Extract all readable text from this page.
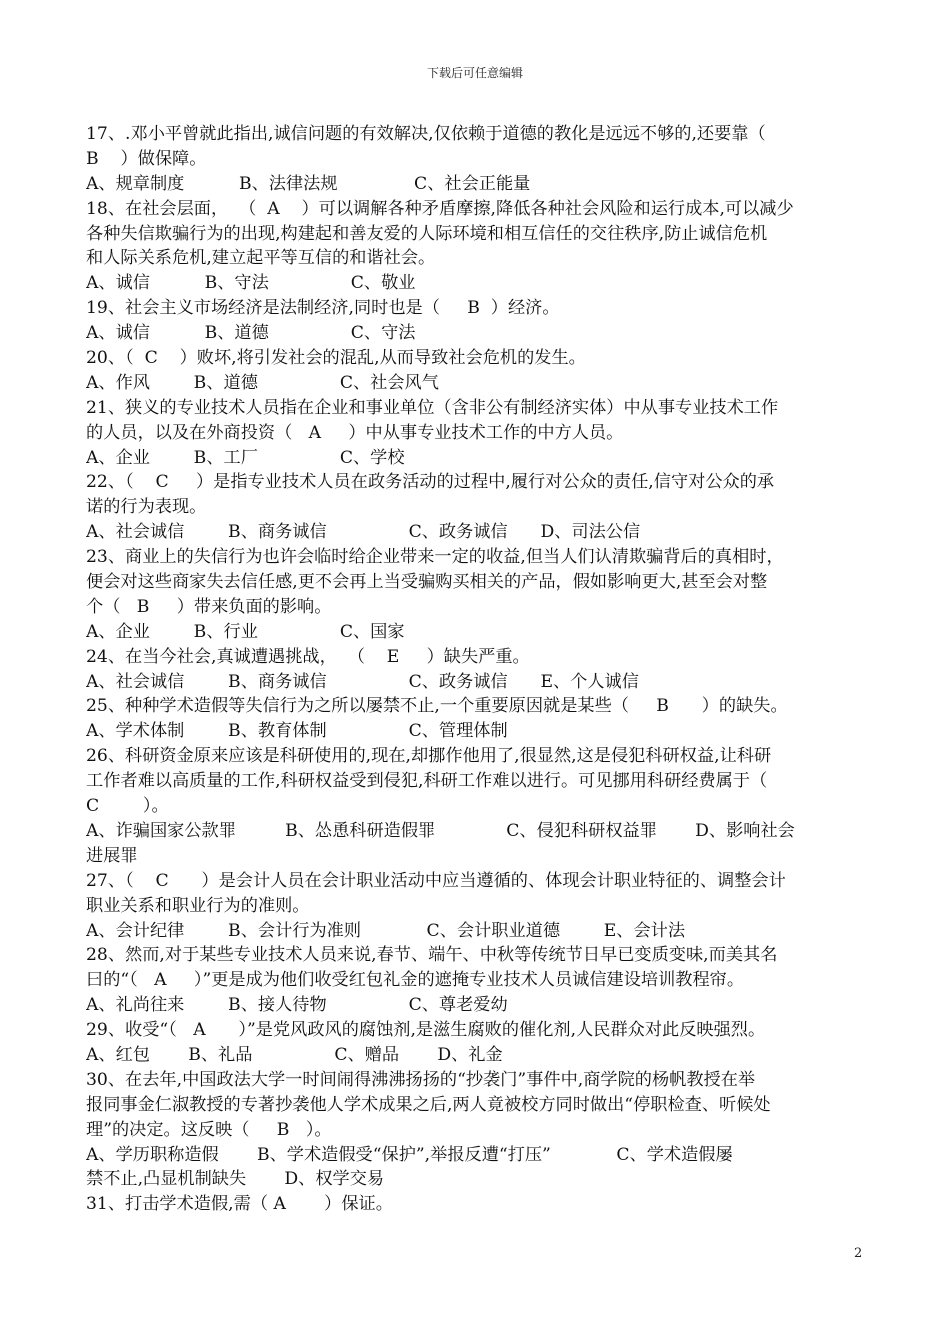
下载后可任意编辑
17、.邓小平曾就此指出,诚信问题的有效解决,仅依赖于道德的教化是远远不够的,还要靠（
B    ）做保障。
A、规章制度          B、法律法规              C、社会正能量
18、在社会层面，  （  A    ）可以调解各种矛盾摩擦,降低各种社会风险和运行成本,可以减少
各种失信欺骗行为的出现,构建起和善友爱的人际环境和相互信任的交往秩序,防止诚信危机
和人际关系危机,建立起平等互信的和谐社会。
A、诚信          B、守法               C、敬业
19、社会主义市场经济是法制经济,同时也是（     B  ）经济。
A、诚信          B、道德               C、守法
20、（  C    ）败坏,将引发社会的混乱,从而导致社会危机的发生。
A、作风        B、道德               C、社会风气
21、狭义的专业技术人员指在企业和事业单位（含非公有制经济实体）中从事专业技术工作
的人员，以及在外商投资（   A     ）中从事专业技术工作的中方人员。
A、企业        B、工厂               C、学校
22、（    C     ）是指专业技术人员在政务活动的过程中,履行对公众的责任,信守对公众的承
诺的行为表现。
A、社会诚信        B、商务诚信               C、政务诚信      D、司法公信
23、商业上的失信行为也许会临时给企业带来一定的收益,但当人们认清欺骗背后的真相时，
便会对这些商家失去信任感,更不会再上当受骗购买相关的产品，假如影响更大,甚至会对整
个（   B     ）带来负面的影响。
A、企业        B、行业               C、国家
24、在当今社会,真诚遭遇挑战，  （    E     ）缺失严重。
A、社会诚信        B、商务诚信               C、政务诚信      E、个人诚信
25、种种学术造假等失信行为之所以屡禁不止,一个重要原因就是某些（     B      ）的缺失。
A、学术体制        B、教育体制               C、管理体制
26、科研资金原来应该是科研使用的,现在,却挪作他用了,很显然,这是侵犯科研权益,让科研
工作者难以高质量的工作,科研权益受到侵犯,科研工作难以进行。可见挪用科研经费属于（
C        ）。
A、诈骗国家公款罪         B、怂恿科研造假罪             C、侵犯科研权益罪       D、影响社会
进展罪
27、（    C      ）是会计人员在会计职业活动中应当遵循的、体现会计职业特征的、调整会计
职业关系和职业行为的准则。
A、会计纪律        B、会计行为准则            C、会计职业道德        E、会计法
28、然而,对于某些专业技术人员来说,春节、端午、中秋等传统节日早已变质变味,而美其名
曰的“（   A     ）”更是成为他们收受红包礼金的遮掩专业技术人员诚信建设培训教程帘。
A、礼尚往来        B、接人待物               C、尊老爱幼
29、收受“（   A      ）”是党风政风的腐蚀剂,是滋生腐败的催化剂,人民群众对此反映强烈。
A、红包       B、礼品               C、赠品       D、礼金
30、在去年,中国政法大学一时间闹得沸沸扬扬的“抄袭门”事件中,商学院的杨帆教授在举
报同事金仁淑教授的专著抄袭他人学术成果之后,两人竟被校方同时做出“停职检查、听候处
理”的决定。这反映（     B   ）。
A、学历职称造假       B、学术造假受“保护”,举报反遭“打压”            C、学术造假屡
禁不止,凸显机制缺失       D、权学交易
31、打击学术造假,需（ A       ）保证。
2
